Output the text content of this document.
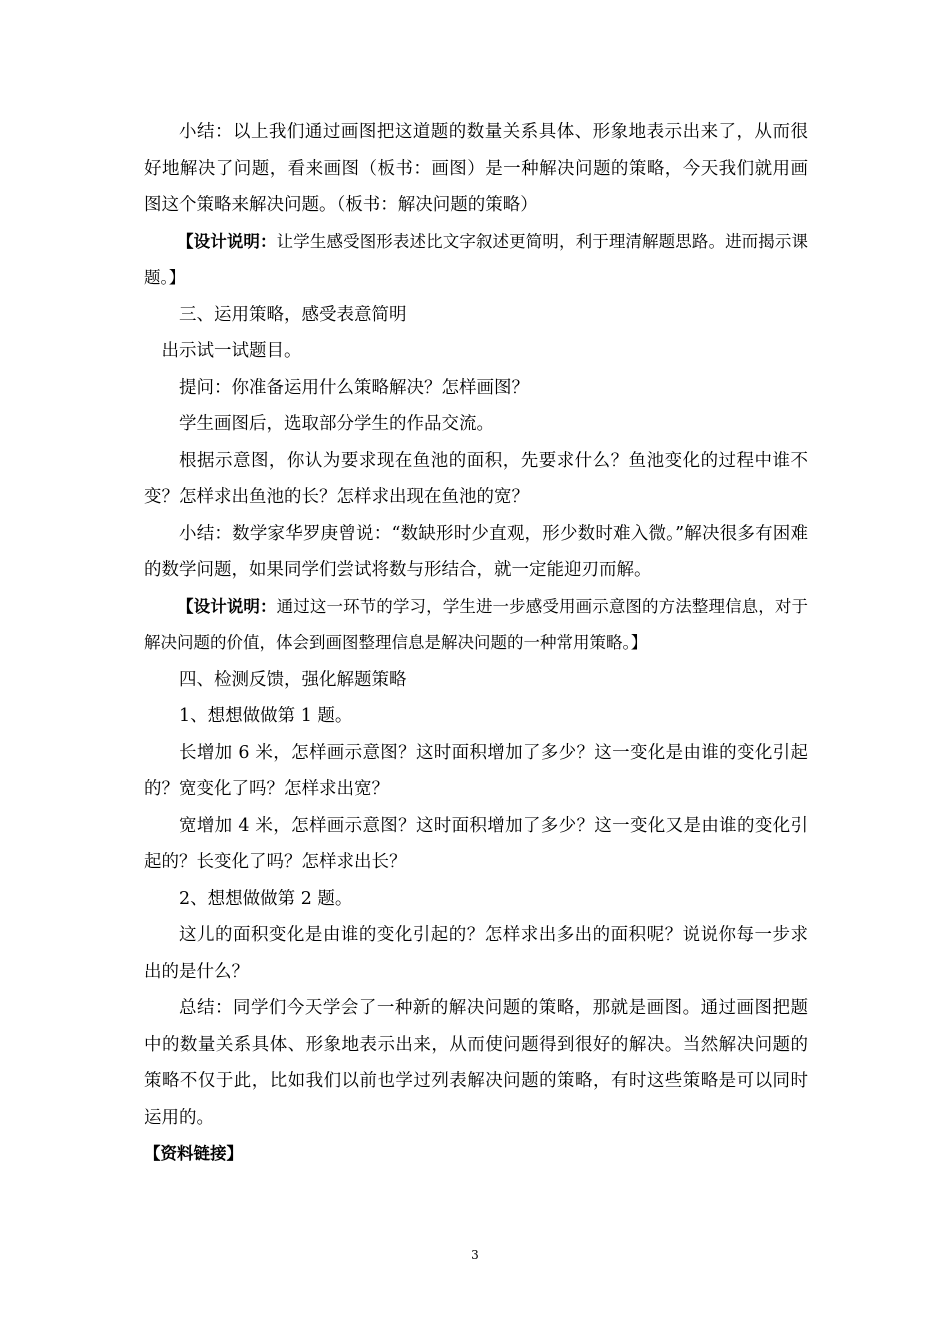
小结：以上我们通过画图把这道题的数量关系具体、形象地表示出来了，从而很好地解决了问题，看来画图（板书：画图）是一种解决问题的策略，今天我们就用画图这个策略来解决问题。（板书：解决问题的策略）

【设计说明：让学生感受图形表述比文字叙述更简明，利于理清解题思路。进而揭示课题。】

三、运用策略，感受表意简明

出示试一试题目。

提问：你准备运用什么策略解决？怎样画图？

学生画图后，选取部分学生的作品交流。

根据示意图，你认为要求现在鱼池的面积，先要求什么？鱼池变化的过程中谁不变？怎样求出鱼池的长？怎样求出现在鱼池的宽？

小结：数学家华罗庚曾说：“数缺形时少直观，形少数时难入微。”解决很多有困难的数学问题，如果同学们尝试将数与形结合，就一定能迎刃而解。

【设计说明：通过这一环节的学习，学生进一步感受用画示意图的方法整理信息，对于解决问题的价值，体会到画图整理信息是解决问题的一种常用策略。】

四、检测反馈，强化解题策略

1、想想做做第 1 题。

长增加 6 米，怎样画示意图？这时面积增加了多少？这一变化是由谁的变化引起的？宽变化了吗？怎样求出宽？

宽增加 4 米，怎样画示意图？这时面积增加了多少？这一变化又是由谁的变化引起的？长变化了吗？怎样求出长？

2、想想做做第 2 题。

这儿的面积变化是由谁的变化引起的？怎样求出多出的面积呢？说说你每一步求出的是什么？

总结：同学们今天学会了一种新的解决问题的策略，那就是画图。通过画图把题中的数量关系具体、形象地表示出来，从而使问题得到很好的解决。当然解决问题的策略不仅于此，比如我们以前也学过列表解决问题的策略，有时这些策略是可以同时运用的。

【资料链接】

3
